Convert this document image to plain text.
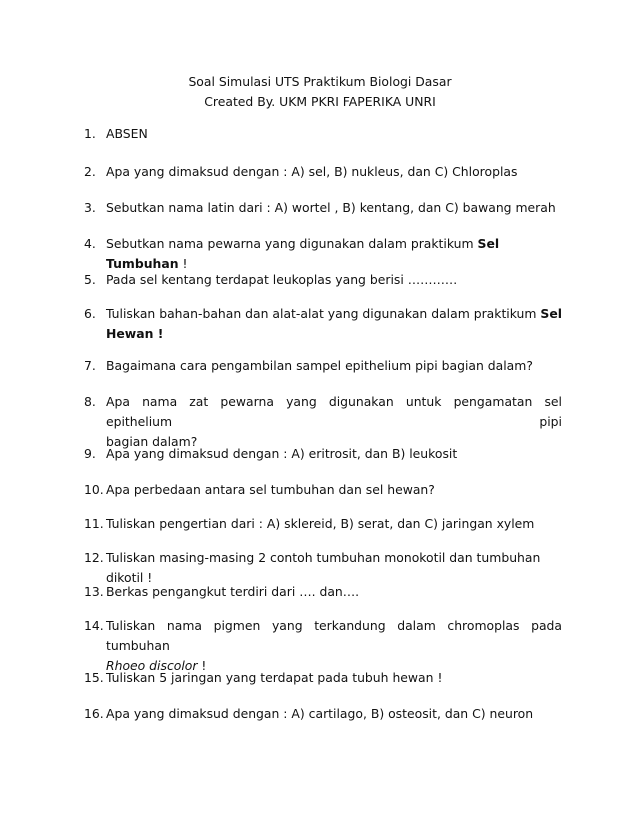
Soal Simulasi UTS Praktikum Biologi Dasar
Created By. UKM PKRI FAPERIKA UNRI
1. ABSEN
2. Apa yang dimaksud dengan : A) sel, B) nukleus, dan C) Chloroplas
3. Sebutkan nama latin dari : A) wortel , B) kentang, dan C) bawang merah
4. Sebutkan nama pewarna yang digunakan dalam praktikum Sel Tumbuhan !
5. Pada sel kentang terdapat leukoplas yang berisi …………
6. Tuliskan bahan-bahan dan alat-alat yang digunakan dalam praktikum Sel
Hewan !
7. Bagaimana cara pengambilan sampel epithelium pipi bagian dalam?
8. Apa nama zat pewarna yang digunakan untuk pengamatan sel epithelium pipi
bagian dalam?
9. Apa yang dimaksud dengan : A) eritrosit, dan B) leukosit
10. Apa perbedaan antara sel tumbuhan dan sel hewan?
11. Tuliskan pengertian dari : A) sklereid, B) serat, dan C) jaringan xylem
12. Tuliskan masing-masing 2 contoh tumbuhan monokotil dan tumbuhan dikotil !
13. Berkas pengangkut terdiri dari …. dan….
14. Tuliskan nama pigmen yang terkandung dalam chromoplas pada tumbuhan
Rhoeo discolor !
15. Tuliskan 5 jaringan yang terdapat pada tubuh hewan !
16. Apa yang dimaksud dengan : A) cartilago, B) osteosit, dan C) neuron
